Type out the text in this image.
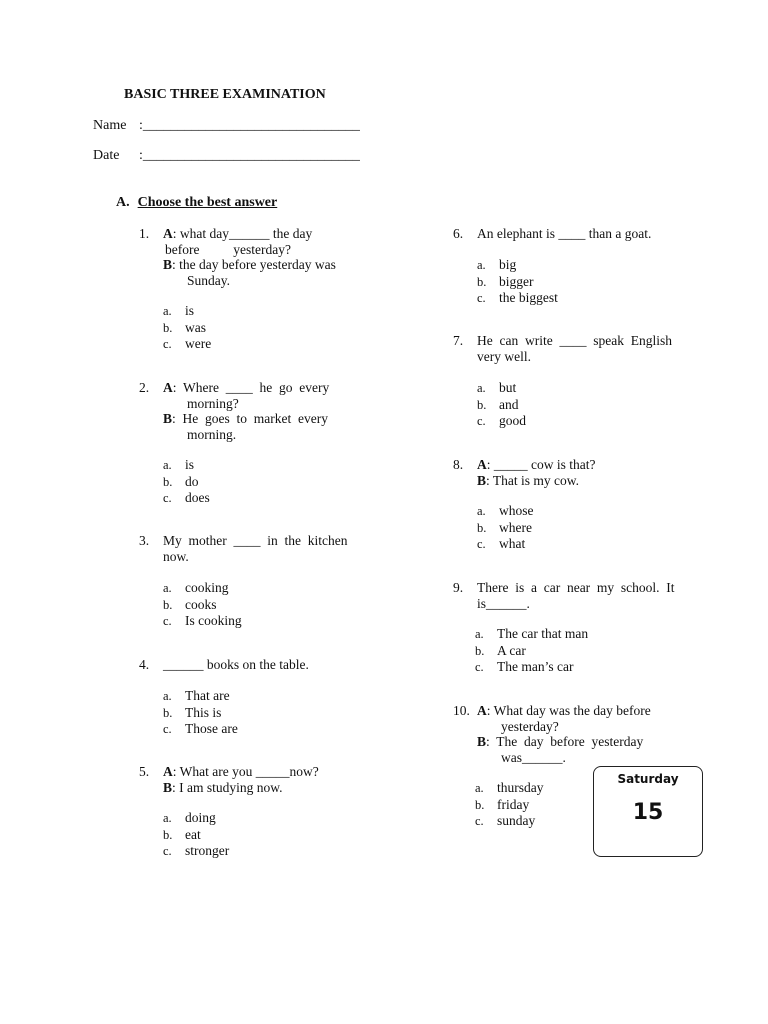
BASIC THREE EXAMINATION
Name :_______________________________
Date :_______________________________
A. Choose the best answer
1. A: what day______ the day
before          yesterday?
B: the day before yesterday was
Sunday.
a. is
b. was
c. were
2. A:  Where  ____  he  go  every
morning?
B:  He  goes  to  market  every
morning.
a. is
b. do
c. does
3. My  mother  ____  in  the  kitchen
now.
a. cooking
b. cooks
c. Is cooking
4. ______ books on the table.
a. That are
b. This is
c. Those are
5. A: What are you _____now?
B: I am studying now.
a. doing
b. eat
c. stronger
6. An elephant is ____ than a goat.
a. big
b. bigger
c. the biggest
7. He  can  write  ____  speak  English
very well.
a. but
b. and
c. good
8. A: _____ cow is that?
B: That is my cow.
a. whose
b. where
c. what
9. There  is  a  car  near  my  school.  It
is______.
a. The car that man
b. A car
c. The man’s car
10. A: What day was the day before
yesterday?
B:  The  day  before  yesterday
was______.
a. thursday
b. friday
c. sunday
Saturday
15
